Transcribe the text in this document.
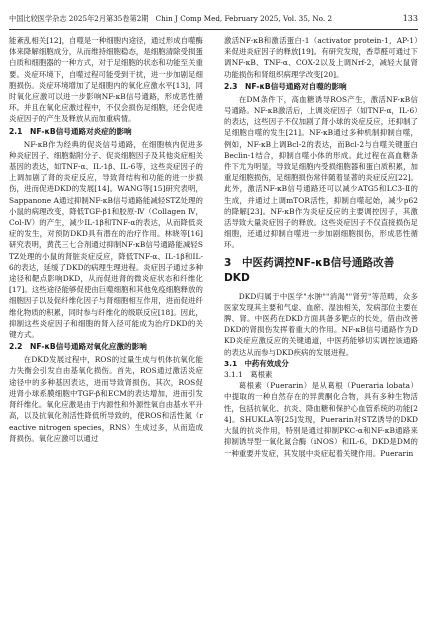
中国比较医学杂志 2025年2月第35卷第2期　Chin J Comp Med, February 2025, Vol. 35, No. 2	133

能紊乱相关[12]，自噬是一种细胞内途径，通过形成自噬酶体来降解细胞成分，从而维持细胞稳态，是细胞清除受损蛋白质和细胞器的一种方式，对于足细胞的状态和功能至关重要。炎症环境下，自噬过程可能受到干扰，进一步加剧足细胞损伤。炎症环境增加了足细胞内的氧化应激水平[13]，同时氧化应激可以进一步影响NF-κB信号通路，形成恶性循环。并且在氧化应激过程中，不仅会损伤足细胞，还会促进炎症因子的产生及释放从而加重病情。

2.1　NF-κB信号通路对炎症的影响

NF-κB作为经典的促炎信号通路，在细胞核内促进多种炎症因子、细胞黏附分子、促炎细胞因子及其他炎症相关基因的表达，如TNF-α、IL-1β、IL-6等，这些炎症因子的上调加剧了肾的炎症反应，导致肾结构和功能的进一步损伤，进而促进DKD的发展[14]。WANG等[15]研究表明，Sappanone A通过抑制NF-κB信号通路能减轻STZ处理的小鼠的病理改变，降低TGF-β1和胶原-Ⅳ（Collagen Ⅳ，Col-Ⅳ）的产生，减少IL-1β和TNF-α的表达，从而降低炎症的发生，对预防DKD具有潜在的治疗作用。林晓等[16]研究表明，黄芪三七合剂通过抑制NF-κB信号通路能减轻STZ处理的小鼠的肾脏炎症反应，降低TNF-α、IL-1β和IL-6的表达，延缓了DKD的病理生理进程。炎症因子通过多种途径和靶点影响DKD，从而促进肾的微炎症状态和纤维化[17]。这些途径能够促使由巨噬细胞和其他免疫细胞释放的细胞因子以及促纤维化因子与肾细胞相互作用，进而促进纤维化物质的积累，同时参与纤维化的级联反应[18]。因此，抑制这些炎症因子和细胞的肾入径可能成为治疗DKD的关键方式。

2.2　NF-κB信号通路对氧化应激的影响

在DKD发展过程中，ROS的过量生成与机体抗氧化能力失衡会引发自由基氧化损伤。首先，ROS通过激活炎症途径中的多种基因表达，进而导致肾损伤。其次，ROS促进肾小球系膜细胞中TGF-β和ECM的表达增加，进而引发肾纤维化。氧化应激是由于内源性和外源性氧自由基水平升高，以及抗氧化剂活性降低所导致的，使ROS和活性氮（reactive nitrogen species，RNS）生成过多，从而造成肾损伤。氧化应激可以通过

激活NF-κB和激活蛋白-1（activator protein-1，AP-1）来促进炎症因子的释放[19]。有研究发现，香草醛可通过下调NF-κB、TNF-α、COX-2以及上调Nrf-2，减轻大鼠肾功能损伤和肾组织病理学改变[20]。

2.3　NF-κB信号通路对自噬的影响

在DM条件下，高血糖诱导ROS产生，激活NF-κB信号通路。NF-κB激活后，上调炎症因子（如TNF-α，IL-6）的表达，这些因子不仅加剧了肾小球的炎症反应，还抑制了足细胞自噬的发生[21]。NF-κB通过多种机制抑制自噬，例如，NF-κB上调Bcl-2的表达，而Bcl-2与自噬关键蛋白Beclin-1结合，抑制自噬小体的形成。此过程在高血糖条件下尤为明显，导致足细胞内受损细胞器和蛋白质积累，加重足细胞损伤，足细胞损伤常伴随着显著的炎症反应[22]。此外，激活NF-κB信号通路还可以减少ATG5和LC3-Ⅱ的生成，并通过上调mTOR活性，抑制自噬起始，减少p62的降解[23]。NF-κB作为炎症反应的主要调控因子，其激活导致大量炎症因子的释放。这些炎症因子不仅直接损伤足细胞，还通过抑制自噬进一步加剧细胞损伤，形成恶性循环。

3　中医药调控NF-κB信号通路改善DKD

DKD归属于中医学"水肿""消渴""肾劳"等范畴，众多医家发现其主要和气虚、血瘀、湿浊相关，发病部位主要在脾、肾。中医药在DKD方面具备多靶点的长处，借由改善DKD的肾损伤发挥着重大的作用。NF-κB信号通路作为DKD炎症应激反应的关键通道，中医药能够切实调控该通路的表达从而参与DKD疾病的发展进程。

3.1　中药有效成分
3.1.1　葛根素

葛根素（Puerarin）是从葛根（Pueraria lobata）中提取的一种自然存在的异黄酮化合物，具有多种生物活性，包括抗氧化、抗炎、降血糖和保护心血管系统的功能[24]。SHUKLA等[25]发现，Puerarin对STZ诱导的DKD大鼠的抗炎作用，特别是通过抑制PKC-α和NF-κB通路来抑制诱导型一氧化氮合酶（iNOS）和IL-6。DKD是DM的一种重要并发症，其发展中炎症起着关键作用。Puerarin
